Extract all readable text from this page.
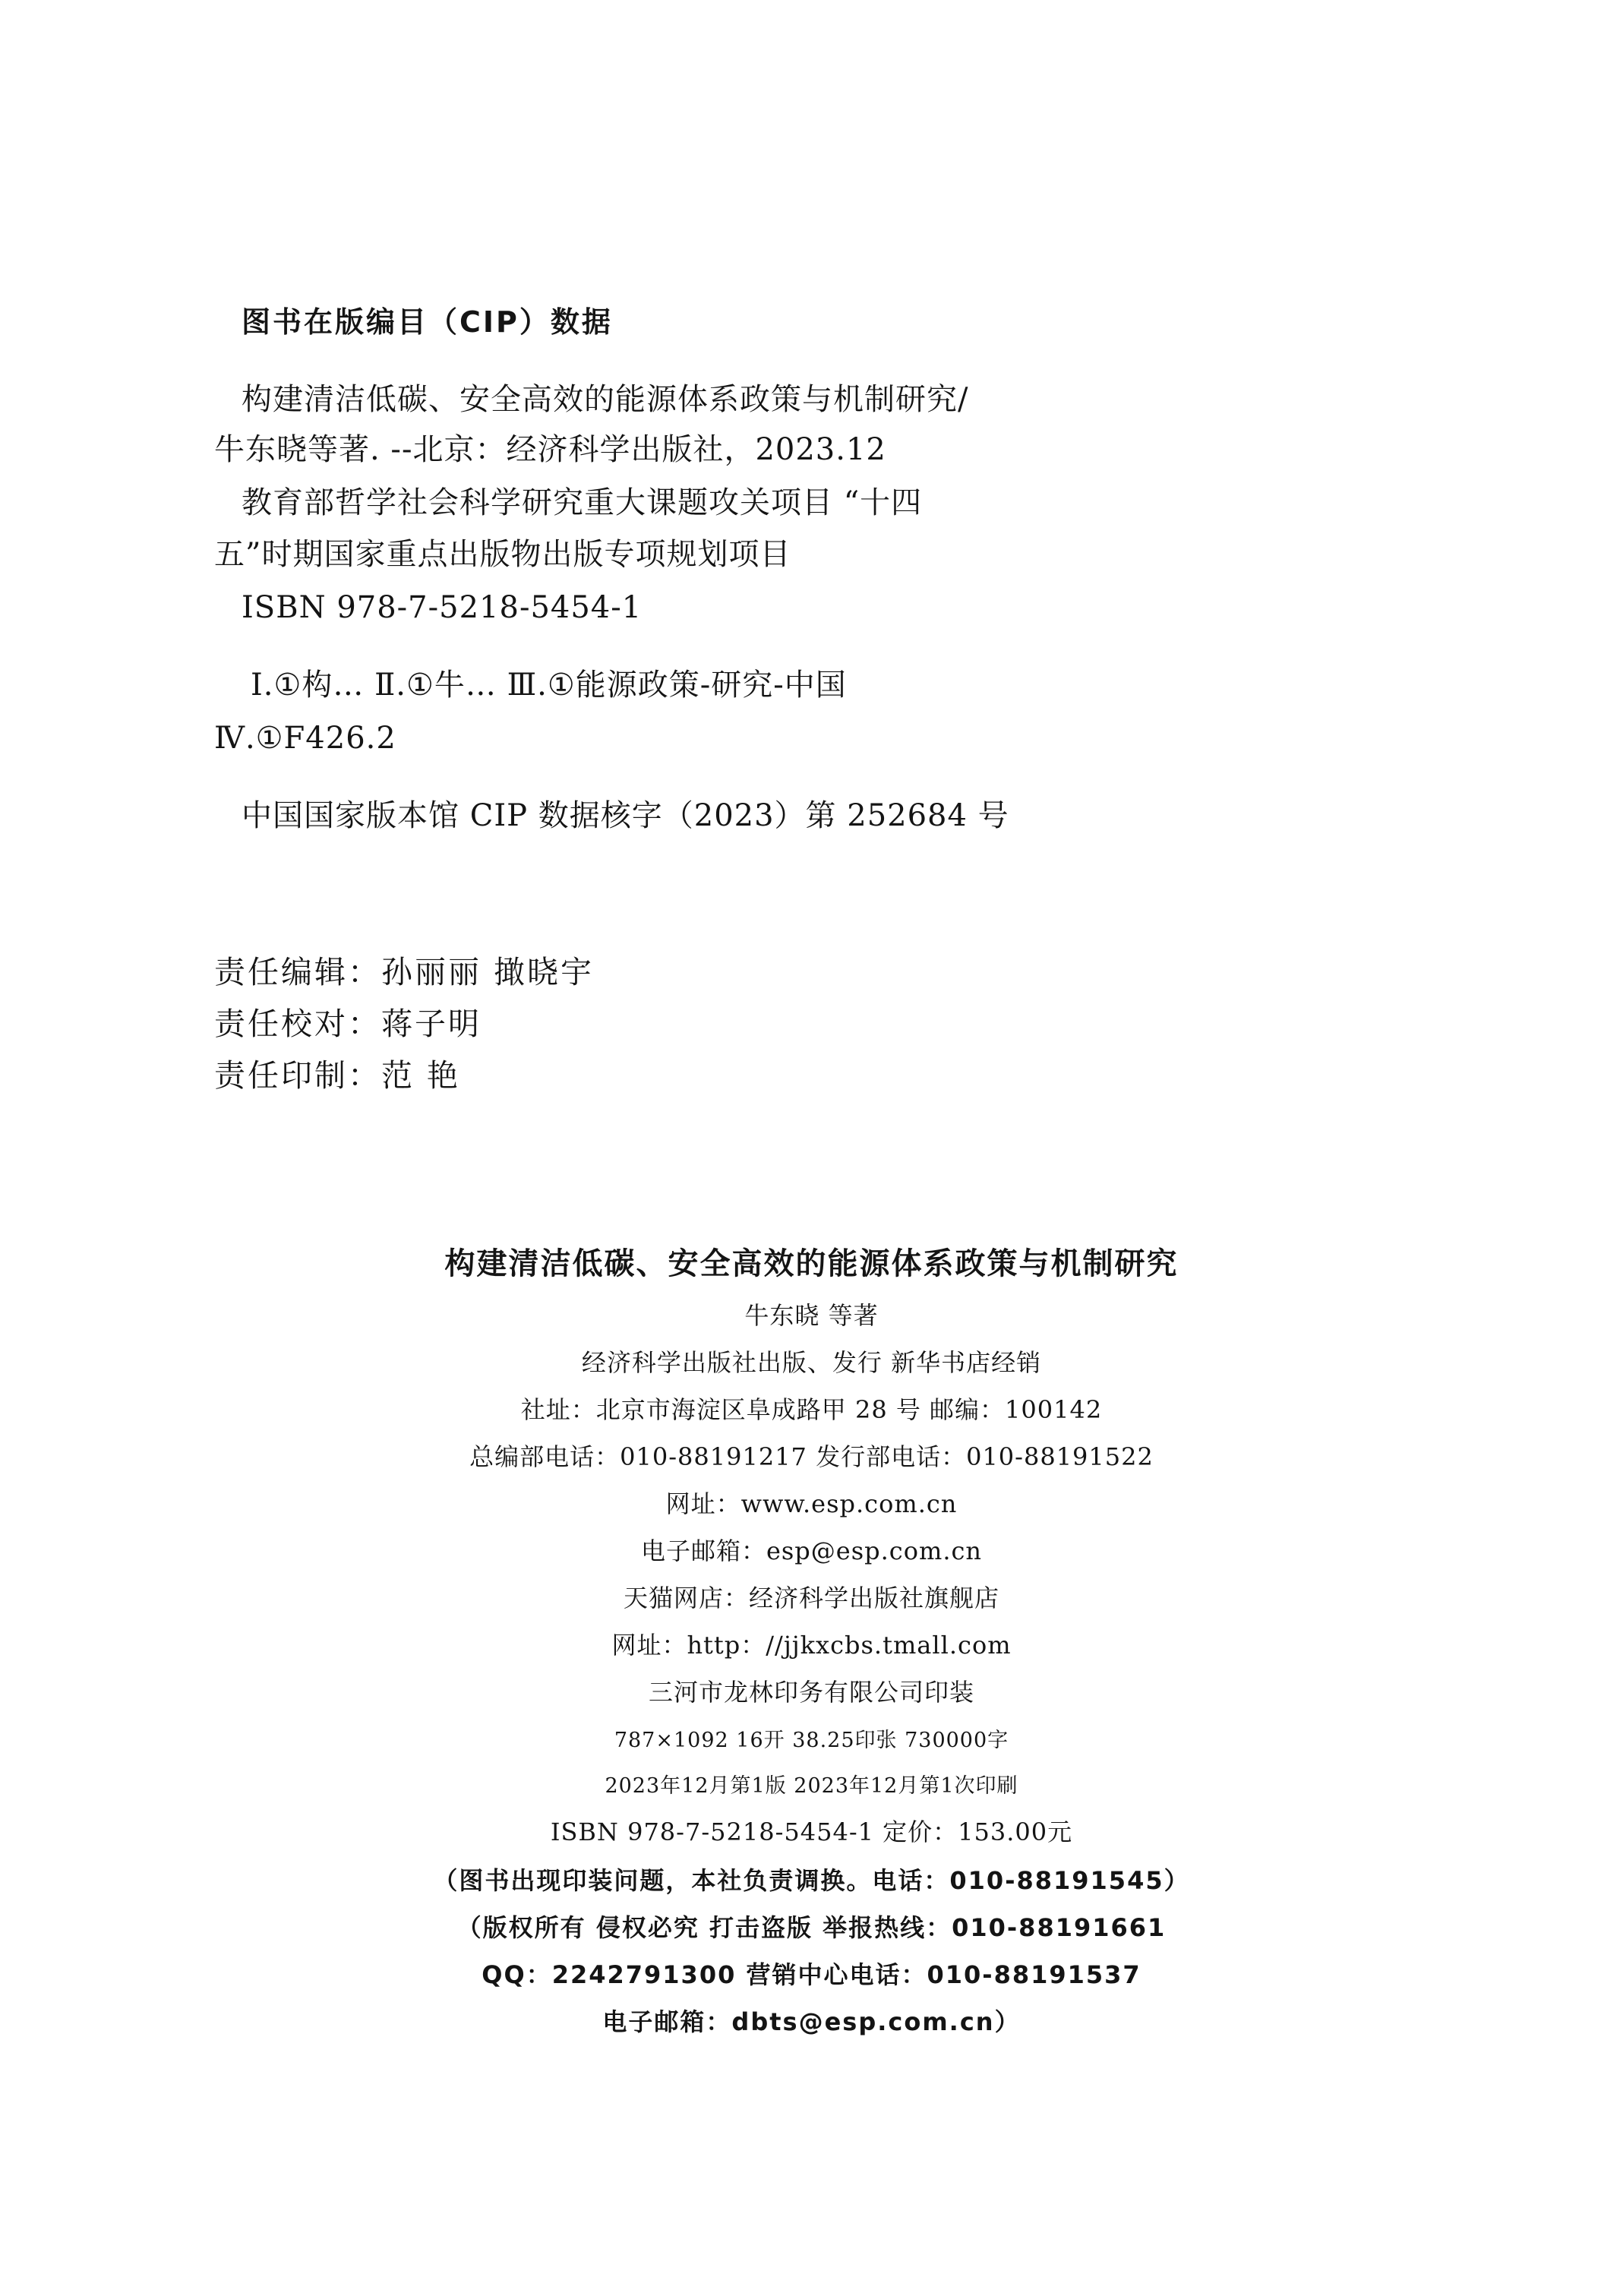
图书在版编目（CIP）数据
构建清洁低碳、安全高效的能源体系政策与机制研究/
牛东晓等著. --北京：经济科学出版社，2023.12
教育部哲学社会科学研究重大课题攻关项目 “十四
五”时期国家重点出版物出版专项规划项目
ISBN 978-7-5218-5454-1
Ⅰ.①构… Ⅱ.①牛… Ⅲ.①能源政策-研究-中国
Ⅳ.①F426.2
中国国家版本馆 CIP 数据核字（2023）第 252684 号
责任编辑：孙丽丽 撖晓宇
责任校对：蒋子明
责任印制：范 艳
构建清洁低碳、安全高效的能源体系政策与机制研究
牛东晓 等著
经济科学出版社出版、发行 新华书店经销
社址：北京市海淀区阜成路甲 28 号 邮编：100142
总编部电话：010-88191217 发行部电话：010-88191522
网址：www.esp.com.cn
电子邮箱：esp@esp.com.cn
天猫网店：经济科学出版社旗舰店
网址：http：//jjkxcbs.tmall.com
三河市龙林印务有限公司印装
787×1092 16开 38.25印张 730000字
2023年12月第1版 2023年12月第1次印刷
ISBN 978-7-5218-5454-1 定价：153.00元
（图书出现印装问题，本社负责调换。电话：010-88191545）
（版权所有 侵权必究 打击盗版 举报热线：010-88191661
QQ：2242791300 营销中心电话：010-88191537
电子邮箱：dbts@esp.com.cn）
